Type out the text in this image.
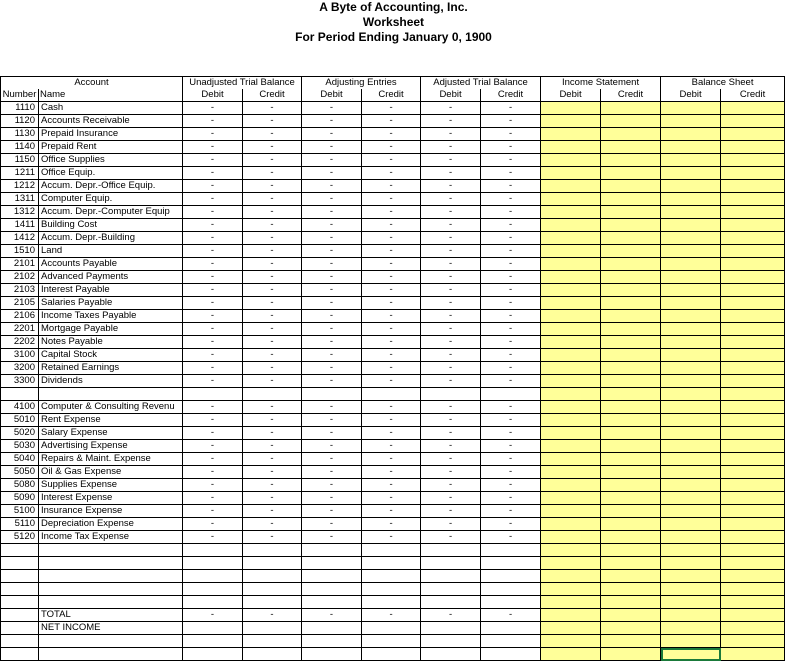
A Byte of Accounting, Inc.
Worksheet
For Period Ending January 0, 1900
Account		Unadjusted Trial Balance		Adjusting Entries		Adjusted Trial Balance		Income Statement		Balance Sheet	
Number	Name	Debit	Credit	Debit	Credit	Debit	Credit	Debit	Credit	Debit	Credit
1110	Cash	-	-	-	-	-	-				
1120	Accounts Receivable	-	-	-	-	-	-				
1130	Prepaid Insurance	-	-	-	-	-	-				
1140	Prepaid Rent	-	-	-	-	-	-				
1150	Office Supplies	-	-	-	-	-	-				
1211	Office Equip.	-	-	-	-	-	-				
1212	Accum. Depr.-Office Equip.	-	-	-	-	-	-				
1311	Computer Equip.	-	-	-	-	-	-				
1312	Accum. Depr.-Computer Equip	-	-	-	-	-	-				
1411	Building Cost	-	-	-	-	-	-				
1412	Accum. Depr.-Building	-	-	-	-	-	-				
1510	Land	-	-	-	-	-	-				
2101	Accounts Payable	-	-	-	-	-	-				
2102	Advanced Payments	-	-	-	-	-	-				
2103	Interest Payable	-	-	-	-	-	-				
2105	Salaries Payable	-	-	-	-	-	-				
2106	Income Taxes Payable	-	-	-	-	-	-				
2201	Mortgage Payable	-	-	-	-	-	-				
2202	Notes Payable	-	-	-	-	-	-				
3100	Capital Stock	-	-	-	-	-	-				
3200	Retained Earnings	-	-	-	-	-	-				
3300	Dividends	-	-	-	-	-	-				

4100	Computer & Consulting Revenu	-	-	-	-	-	-				
5010	Rent Expense	-	-	-	-	-	-				
5020	Salary Expense	-	-	-	-	-	-				
5030	Advertising Expense	-	-	-	-	-	-				
5040	Repairs & Maint. Expense	-	-	-	-	-	-				
5050	Oil & Gas Expense	-	-	-	-	-	-				
5080	Supplies Expense	-	-	-	-	-	-				
5090	Interest Expense	-	-	-	-	-	-				
5100	Insurance Expense	-	-	-	-	-	-				
5110	Depreciation Expense	-	-	-	-	-	-				
5120	Income Tax Expense	-	-	-	-	-	-				

	TOTAL	-	-	-	-	-	-				
	NET INCOME										
